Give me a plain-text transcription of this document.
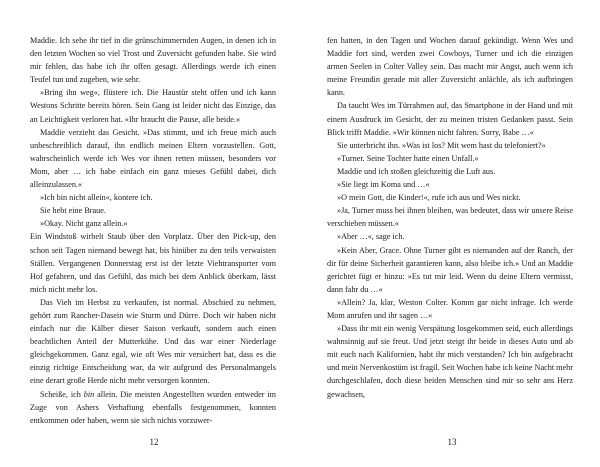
Maddie. Ich sehe ihr tief in die grünschimmernden Augen, in denen ich in den letzten Wochen so viel Trost und Zuversicht gefunden habe. Sie wird mir fehlen, das habe ich ihr offen gesagt. Allerdings werde ich einen Teufel tun und zugeben, wie sehr.

»Bring ihn weg«, flüstere ich. Die Haustür steht offen und ich kann Westons Schritte bereits hören. Sein Gang ist leider nicht das Einzige, das an Leichtigkeit verloren hat. »Ihr braucht die Pause, alle beide.«

Maddie verzieht das Gesicht. »Das stimmt, und ich freue mich auch unbeschreiblich darauf, ihn endlich meinen Eltern vorzustellen. Gott, wahrscheinlich werde ich Wes vor ihnen retten müssen, besonders vor Mom, aber … ich habe einfach ein ganz mieses Gefühl dabei, dich alleinzulassen.«

»Ich bin nicht allein«, kontere ich.

Sie hebt eine Braue.

»Okay. Nicht ganz allein.«

Ein Windstoß wirbelt Staub über den Vorplatz. Über den Pick-up, den schon seit Tagen niemand bewegt hat, bis hinüber zu den teils verwaisten Ställen. Vergangenen Donnerstag erst ist der letzte Viehtransporter vom Hof gefahren, und das Gefühl, das mich bei dem Anblick überkam, lässt mich nicht mehr los.

Das Vieh im Herbst zu verkaufen, ist normal. Abschied zu nehmen, gehört zum Rancher-Dasein wie Sturm und Dürre. Doch wir haben nicht einfach nur die Kälber dieser Saison verkauft, sondern auch einen beachtlichen Anteil der Mutterkühe. Und das war einer Niederlage gleichgekommen. Ganz egal, wie oft Wes mir versichert hat, dass es die einzig richtige Entscheidung war, da wir aufgrund des Personalmangels eine derart große Herde nicht mehr versorgen konnten.

Scheiße, ich bin allein. Die meisten Angestellten wurden entweder im Zuge von Ashers Verhaftung ebenfalls festgenommen, konnten entkommen oder haben, wenn sie sich nichts vorzuwer-

12

fen hatten, in den Tagen und Wochen darauf gekündigt. Wenn Wes und Maddie fort sind, werden zwei Cowboys, Turner und ich die einzigen armen Seelen in Colter Valley sein. Das macht mir Angst, auch wenn ich meine Freundin gerade mit aller Zuversicht anlächle, als ich aufbringen kann.

Da taucht Wes im Türrahmen auf, das Smartphone in der Hand und mit einem Ausdruck im Gesicht, der zu meinen tristen Gedanken passt. Sein Blick trifft Maddie. »Wir können nicht fahren. Sorry, Babe …«

Sie unterbricht ihn. »Was ist los? Mit wem hast du telefoniert?«

»Turner. Seine Tochter hatte einen Unfall.«

Maddie und ich stoßen gleichzeitig die Luft aus.

»Sie liegt im Koma und …«

»O mein Gott, die Kinder!«, rufe ich aus und Wes nickt.

»Ja, Turner muss bei ihnen bleiben, was bedeutet, dass wir unsere Reise verschieben müssen.«

»Aber …«, sage ich.

»Kein Aber, Grace. Ohne Turner gibt es niemanden auf der Ranch, der dir für deine Sicherheit garantieren kann, also bleibe ich.« Und an Maddie gerichtet fügt er hinzu: »Es tut mir leid. Wenn du deine Eltern vermisst, dann fahr du …«

»Allein? Ja, klar, Weston Colter. Komm gar nicht infrage. Ich werde Mom anrufen und ihr sagen …«

»Dass ihr mit ein wenig Verspätung losgekommen seid, euch allerdings wahnsinnig auf sie freut. Und jetzt steigt ihr beide in dieses Auto und ab mit euch nach Kalifornien, habt ihr mich verstanden? Ich bin aufgebracht und mein Nervenkostüm ist fragil. Seit Wochen habe ich keine Nacht mehr durchgeschlafen, doch diese beiden Menschen sind mir so sehr ans Herz gewachsen,

13
